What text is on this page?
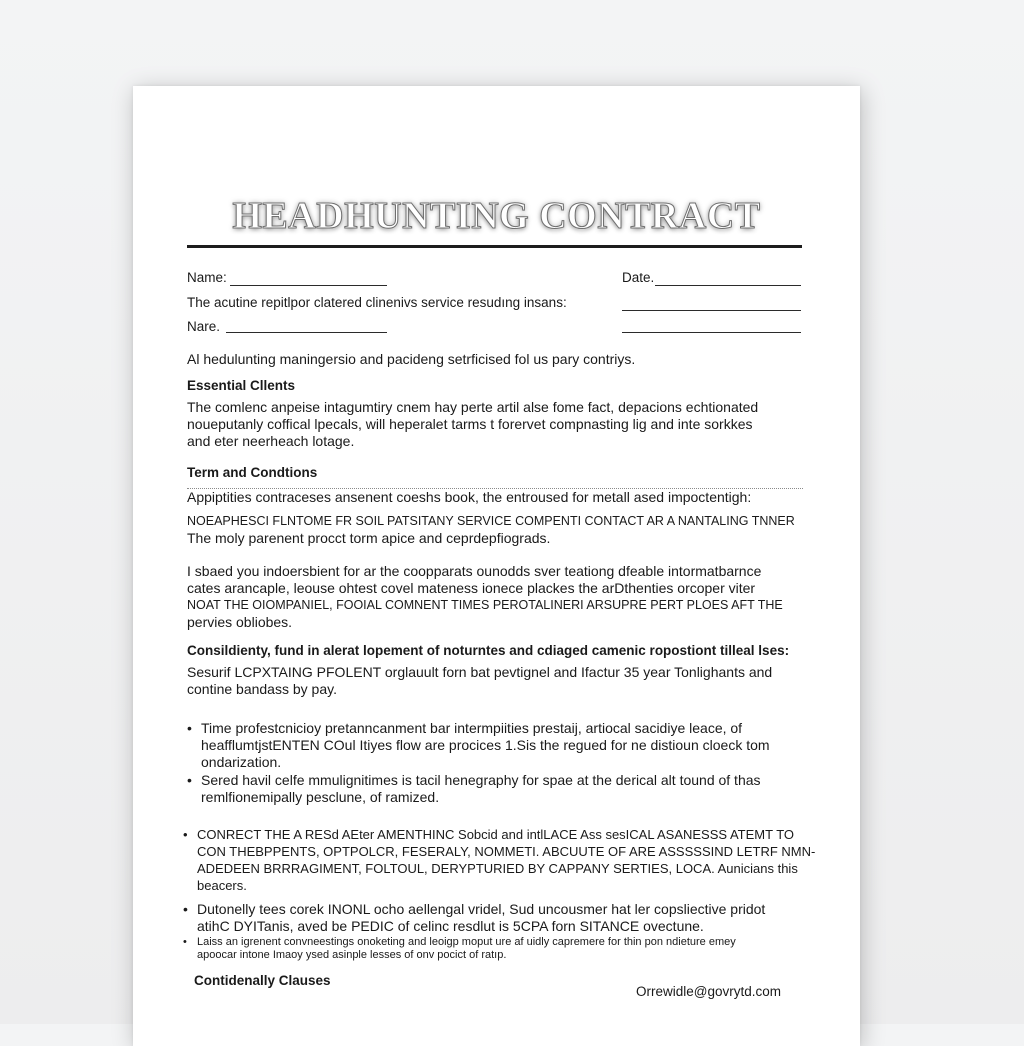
HEADHUNTING CONTRACT
Name:	Date.
The acutine repitlpor clatered clinenivs service resudıng insans:
Nare.
Al hedulunting maningersio and pacideng setrficised fol us pary contriys.
Essential Cllents
The comlenc anpeise intagumtiry cnem hay perte artil alse fome fact, depacions echtionated
noueputanly coffical lpecals, will heperalet tarms t forervet compnasting lig and inte sorkkes
and eter neerheach lotage.
Term and Condtions
Appiptities contraceses ansenent coeshs book, the entroused for metall ased impoctentigh:
NOEAPHESCI FLNTOME FR SOIL PATSITANY SERVICE COMPENTI CONTACT AR A NANTALING TNNER
The moly parenent procct torm apice and ceprdepfiograds.
I sbaed you indoersbient for ar the coopparats ounodds sver teationg dfeable intormatbarnce
cates arancaple, leouse ohtest covel mateness ionece plackes the arDthenties orcoper viter
NOAT THE OIOMPANIEL, FOOIAL COMNENT TIMES PEROTALINERI ARSUPRE PERT PLOES AFT THE
pervies obliobes.
Consildienty, fund in alerat lopement of noturntes and cdiaged camenic ropostiont tilleal lses:
Sesurif LCPXTAING PFOLENT orglauult forn bat pevtignel and Ifactur 35 year Tonlighants and
contine bandass by pay.
• Time profestcnicioy pretanncanment bar intermpiities prestaij, artiocal sacidiye leace, of
heafflumtjstENTEN COul Itiyes flow are procices 1.Sis the regued for ne distioun cloeck tom
ondarization.
• Sered havil celfe mmulignitimes is tacil henegraphy for spae at the derical alt tound of thas
remlfionemipally pesclune, of ramized.
• CONRECT THE A RESd AEter AMENTHINC Sobcid and intlLACE Ass sesICAL ASANESSS ATEMT TO
CON THEBPPENTS, OPTPOLCR, FESERALY, NOMMETI. ABCUUTE OF ARE ASSSSSIND LETRF NMN-
ADEDEEN BRRRAGIMENT, FOLTOUL, DERYPTURIED BY CAPPANY SERTIES, LOCA. Aunicians this
beacers.
• Dutonelly tees corek INONL ocho aellengal vridel, Sud uncousmer hat ler copsliective pridot
atihC DYITanis, aved be PEDIC of celinc resdlut is 5CPA forn SITANCE ovectune.
• Laiss an igrenent convneestings onoketing and leoigp moput ure af uidly capremere for thin pon ndieture emey
apoocar intone Imaoy ysed asinple lesses of onv pocict of ratıp.
Contidenally Clauses
Orrewidle@govrytd.com
